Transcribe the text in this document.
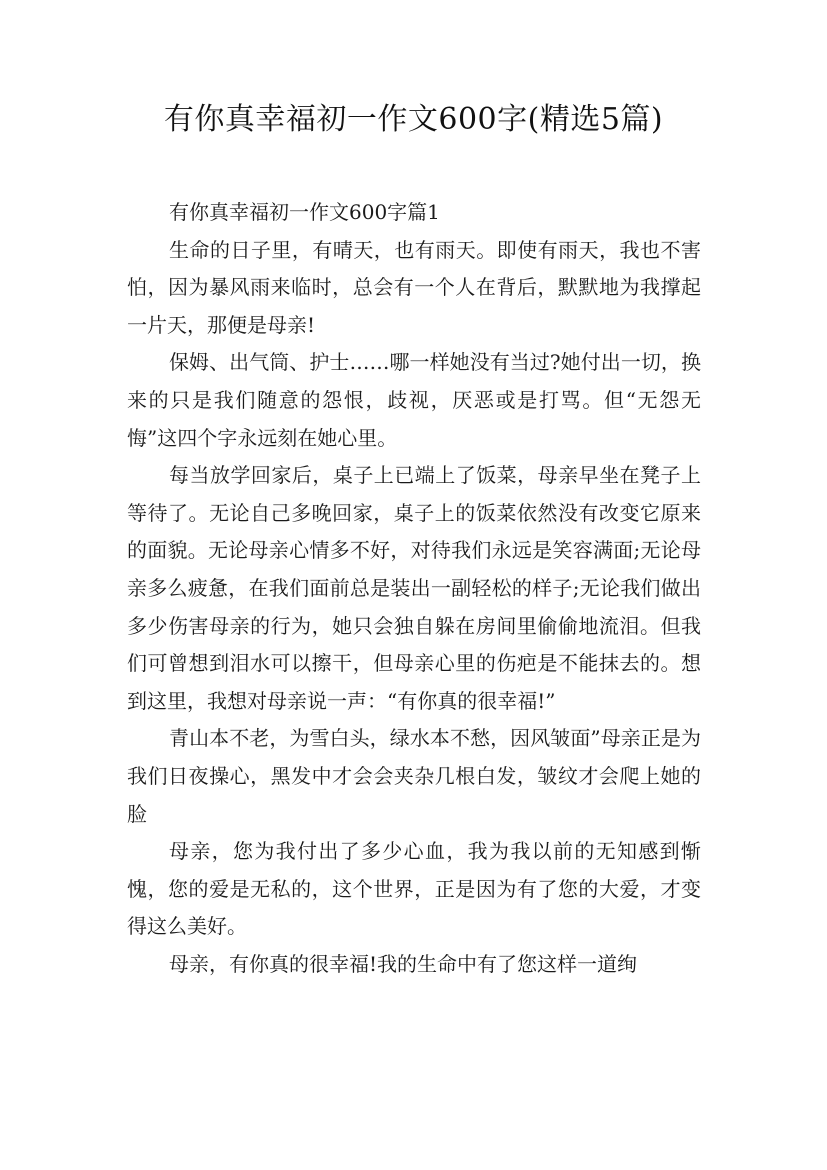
有你真幸福初一作文600字(精选5篇)
有你真幸福初一作文600字篇1

生命的日子里，有晴天，也有雨天。即使有雨天，我也不害怕，因为暴风雨来临时，总会有一个人在背后，默默地为我撑起一片天，那便是母亲!

保姆、出气筒、护士……哪一样她没有当过?她付出一切，换来的只是我们随意的怨恨，歧视，厌恶或是打骂。但“无怨无悔”这四个字永远刻在她心里。

每当放学回家后，桌子上已端上了饭菜，母亲早坐在凳子上等待了。无论自己多晚回家，桌子上的饭菜依然没有改变它原来的面貌。无论母亲心情多不好，对待我们永远是笑容满面;无论母亲多么疲惫，在我们面前总是装出一副轻松的样子;无论我们做出多少伤害母亲的行为，她只会独自躲在房间里偷偷地流泪。但我们可曾想到泪水可以擦干，但母亲心里的伤疤是不能抹去的。想到这里，我想对母亲说一声：“有你真的很幸福!”

青山本不老，为雪白头，绿水本不愁，因风皱面”母亲正是为我们日夜操心，黑发中才会会夹杂几根白发，皱纹才会爬上她的脸

母亲，您为我付出了多少心血，我为我以前的无知感到惭愧，您的爱是无私的，这个世界，正是因为有了您的大爱，才变得这么美好。

母亲，有你真的很幸福!我的生命中有了您这样一道绚
